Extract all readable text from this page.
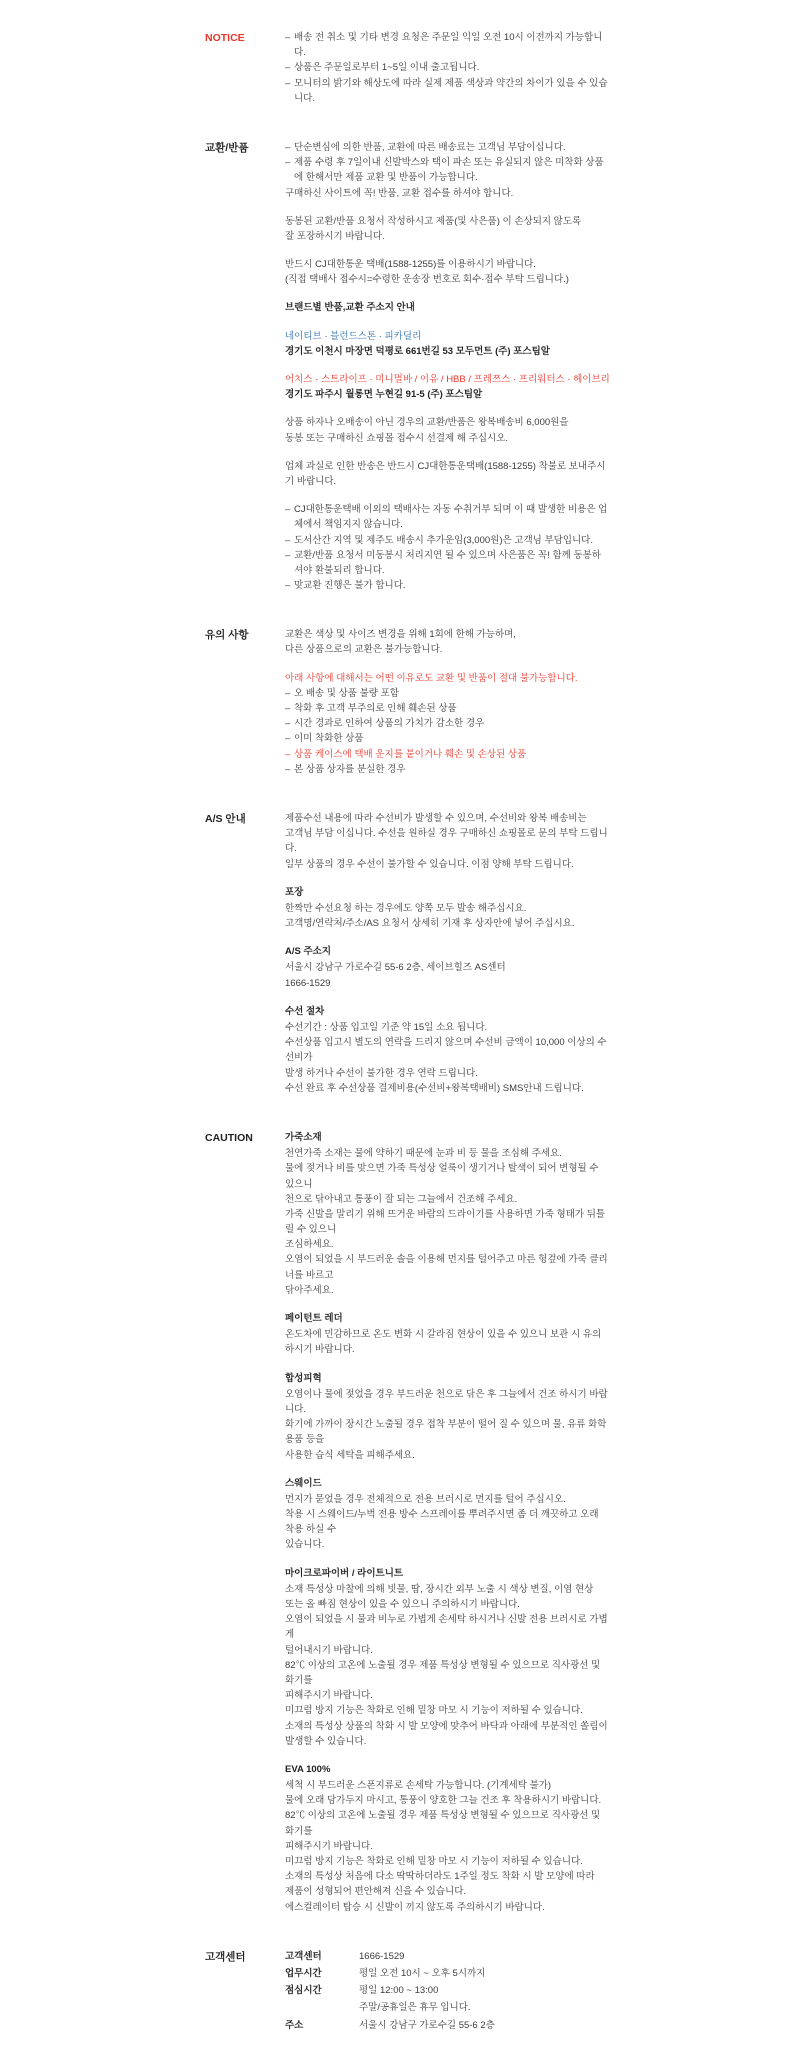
NOTICE	– 배송 전 취소 및 기타 변경 요청은 주문일 익일 오전 10시 이전까지 가능합니다.
– 상품은 주문일로부터 1~5일 이내 출고됩니다.
– 모니터의 밝기와 해상도에 따라 실제 제품 색상과 약간의 차이가 있을 수 있습니다.
교환/반품	– 단순변심에 의한 반품, 교환에 따른 배송료는 고객님 부담이십니다.
– 제품 수령 후 7일이내 신발박스와 택이 파손 또는 유실되지 않은 미착화 상품에 한해서만 제품 교환 및 반품이 가능합니다.

구매하신 사이트에 꼭! 반품, 교환 접수를 하셔야 합니다.

동봉된 교환/반품 요청서 작성하시고 제품(및 사은품) 이 손상되지 않도록

잘 포장하시기 바랍니다.

반드시 CJ대한통운 택배(1588-1255)를 이용하시기 바랍니다.

(직접 택배사 접수시=수령한 운송장 번호로 회수·접수 부탁 드립니다.)

브랜드별 반품,교환 주소지 안내

네이티브 · 블런드스톤 · 피카딜리

경기도 이천시 마장면 덕평로 661번길 53 모두먼트 (주) 포스팀알

어치스 · 스트라이프 · 미니멀바 / 이유 / HBB / 프레쯔스 · 프리워터스 · 헤이브리

경기도 파주시 월롱면 누현길 91-5 (주) 포스팀알

상품 하자나 오배송이 아닌 경우의 교환/반품은 왕복배송비 6,000원을

동봉 또는 구매하신 쇼핑몰 접수시 선결제 해 주십시오.

업체 과실로 인한 반송은 반드시 CJ대한통운택배(1588-1255) 착불로 보내주시기 바랍니다.

– CJ대한통운택배 이외의 택배사는 자동 수취거부 되며 이 때 발생한 비용은 업체에서 책임지지 않습니다.
– 도서산간 지역 및 제주도 배송시 추가운임(3,000원)은 고객님 부담입니다.
– 교환/반품 요청서 미동봉시 처리지연 될 수 있으며 사은품은 꼭! 함께 동봉하셔야 환불되리 합니다.
– 맞교환 진행은 불가 합니다.
유의 사항	교환은 색상 및 사이즈 변경을 위해 1회에 한해 가능하며,

다른 상품으로의 교환은 불가능합니다.

아래 사항에 대해서는 어떤 이유로도 교환 및 반품이 절대 불가능합니다.

– 오 배송 및 상품 불량 포함
– 착화 후 고객 부주의로 인해 훼손된 상품
– 시간 경과로 인하여 상품의 가치가 감소한 경우
– 이미 착화한 상품
– 상품 케이스에 택배 운지를 붙이거나 훼손 및 손상된 상품
– 본 상품 상자를 분실한 경우
A/S 안내	제품수선 내용에 따라 수선비가 발생할 수 있으며, 수선비와 왕복 배송비는

고객님 부담 이십니다. 수선을 원하실 경우 구매하신 쇼핑몰로 문의 부탁 드립니다.

일부 상품의 경우 수선이 불가할 수 있습니다. 이점 양해 부탁 드립니다.

포장

한짝만 수선요청 하는 경우에도 양쪽 모두 발송 해주십시요.

고객명/연락처/주소/AS 요청서 상세히 기재 후 상자안에 넣어 주십시요.

A/S 주소지

서울시 강남구 가로수길 55-6 2층, 세이브힐즈 AS센터

1666-1529

수선 절차

수선기간 : 상품 입고일 기준 약 15일 소요 됩니다.

수선상품 입고시 별도의 연락을 드리지 않으며 수선비 금액이 10,000 이상의 수선비가

발생 하거나 수선이 불가한 경우 연락 드립니다.

수선 완료 후 수선상품 결제비용(수선비+왕복택배비) SMS안내 드립니다.

CAUTION	가죽소재

천연가죽 소재는 물에 약하기 때문에 눈과 비 등 물을 조심해 주세요.

물에 젖거나 비를 맞으면 가죽 특성상 얼룩이 생기거나 탈색이 되어 변형될 수 있으니

천으로 닦아내고 통풍이 잘 되는 그늘에서 건조해 주세요.

가죽 신발을 말리기 위해 뜨거운 바람의 드라이기를 사용하면 가죽 형태가 뒤틀릴 수 있으니

조심하세요.

오염이 되었을 시 부드러운 솔을 이용해 먼지를 털어주고 마른 헝겊에 가죽 클리너를 바르고

닦아주세요.

페이턴트 레더

온도차에 민감하므로 온도 변화 시 갈라짐 현상이 있을 수 있으니 보관 시 유의하시기 바랍니다.

합성피혁

오염이나 물에 젖었을 경우 부드러운 천으로 닦은 후 그늘에서 건조 하시기 바랍니다.

화기에 가까이 장시간 노출될 경우 접착 부분이 떨어 질 수 있으며 물, 유류 화학용품 등을

사용한 습식 세탁을 피해주세요.

스웨이드

먼지가 묻었을 경우 전체적으로 전용 브러시로 먼지를 털어 주십시오.

착용 시 스웨이드/누벅 전용 방수 스프레이를 뿌려주시면 좀 더 깨끗하고 오래 착용 하실 수

있습니다.

마이크로파이버 / 라이트니트

소재 특성상 마찰에 의해 빗물, 땀, 장시간 외부 노출 시 색상 변질, 이염 현상

또는 올 빠짐 현상이 있을 수 있으니 주의하시기 바랍니다.

오염이 되었을 시 물과 비누로 가볍게 손세탁 하시거나 신발 전용 브러시로 가볍게

털어내시기 바랍니다.

82℃ 이상의 고온에 노출될 경우 제품 특성상 변형될 수 있으므로 직사광선 및 화기를

피해주시기 바랍니다.

미끄럼 방지 기능은 착화로 인해 밑창 마모 시 기능이 저하될 수 있습니다.

소재의 특성상 상품의 착화 시 발 모양에 맞추어 바닥과 아래에 부분적인 쏠림이

발생할 수 있습니다.

EVA 100%

세척 시 부드러운 스폰지류로 손세탁 가능합니다. (기계세탁 불가)

물에 오래 담가두지 마시고, 통풍이 양호한 그늘 건조 후 착용하시기 바랍니다.

82℃ 이상의 고온에 노출될 경우 제품 특성상 변형될 수 있으므로 직사광선 및 화기를

피해주시기 바랍니다.

미끄럼 방지 기능은 착화로 인해 밑창 마모 시 기능이 저하될 수 있습니다.

소재의 특성상 처음에 다소 딱딱하더라도 1주일 정도 착화 시 발 모양에 따라

제품이 성형되어 편안해져 신을 수 있습니다.

에스컬레이터 탑승 시 신발이 끼지 않도록 주의하시기 바랍니다.

고객센터	고객센터	1666-1529
업무시간	평일 오전 10시 ~ 오후 5시까지
점심시간	평일 12:00 ~ 13:00
	주말/공휴일은 휴무 입니다.
주소	서울시 강남구 가로수길 55-6 2층
